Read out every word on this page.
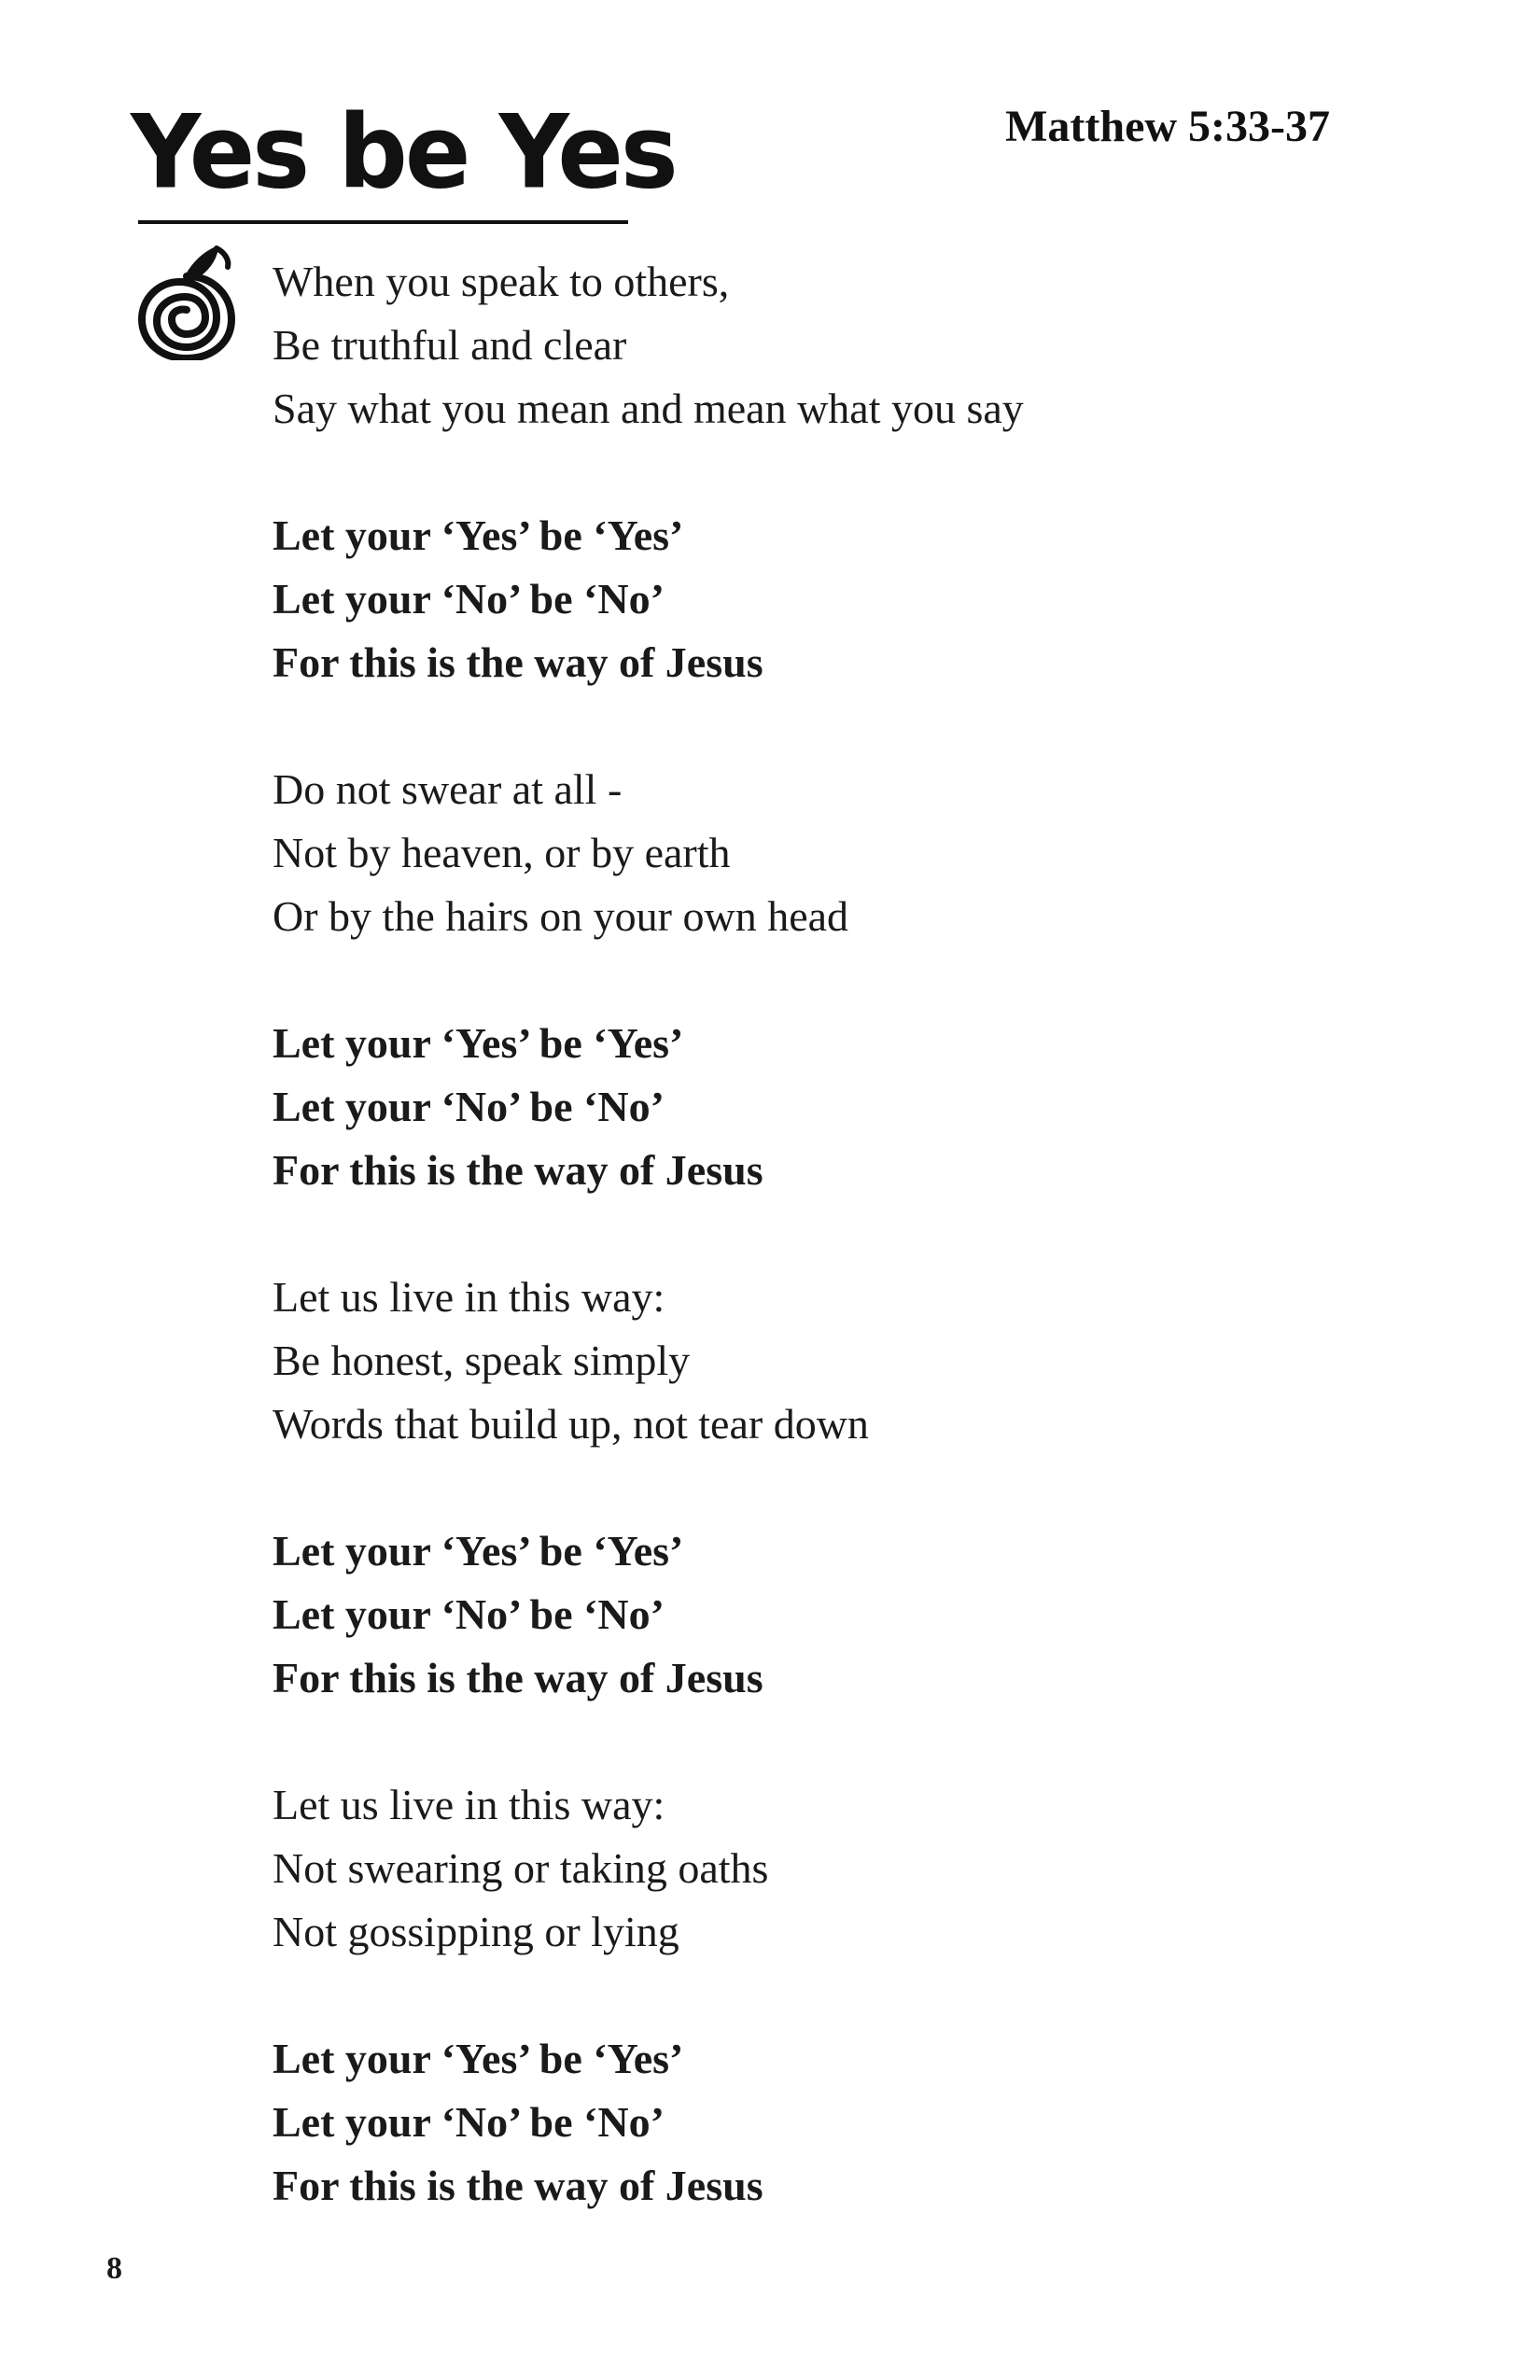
Yes be Yes	Matthew 5:33-37
When you speak to others,
Be truthful and clear
Say what you mean and mean what you say
Let your ‘Yes’ be ‘Yes’
Let your ‘No’ be ‘No’
For this is the way of Jesus
Do not swear at all -
Not by heaven, or by earth
Or by the hairs on your own head
Let your ‘Yes’ be ‘Yes’
Let your ‘No’ be ‘No’
For this is the way of Jesus
Let us live in this way:
Be honest, speak simply
Words that build up, not tear down
Let your ‘Yes’ be ‘Yes’
Let your ‘No’ be ‘No’
For this is the way of Jesus
Let us live in this way:
Not swearing or taking oaths
Not gossipping or lying
Let your ‘Yes’ be ‘Yes’
Let your ‘No’ be ‘No’
For this is the way of Jesus
8
